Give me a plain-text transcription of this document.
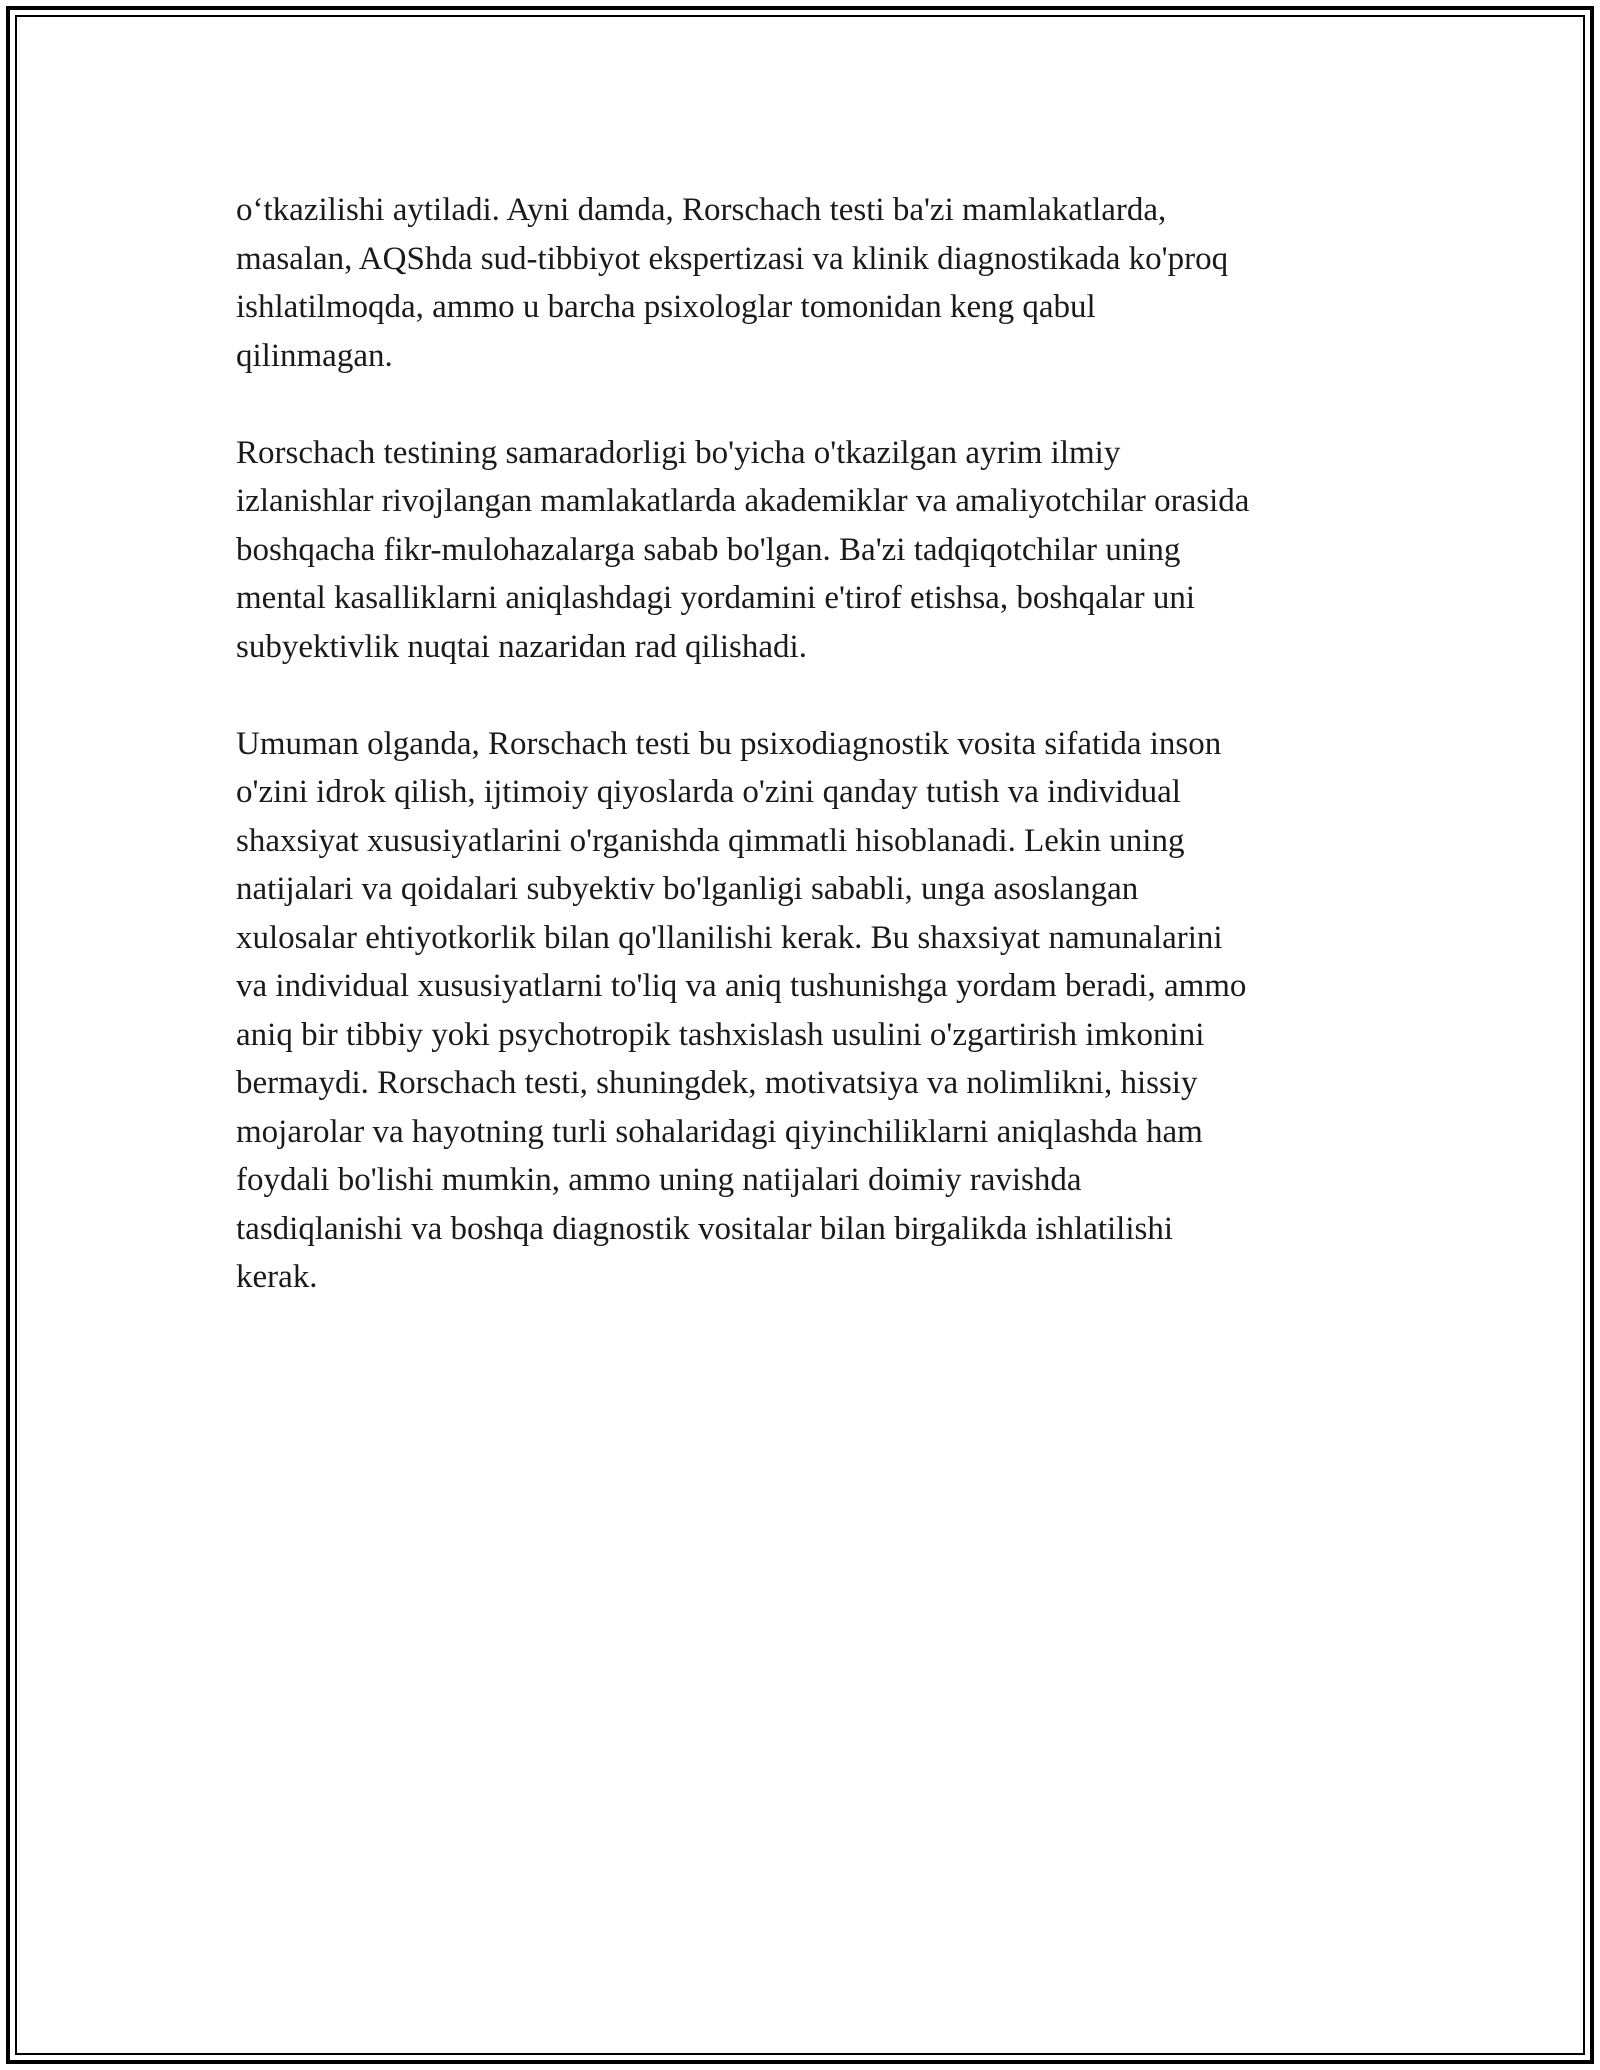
o‘tkazilishi aytiladi. Ayni damda, Rorschach testi ba'zi mamlakatlarda,
masalan, AQShda sud-tibbiyot ekspertizasi va klinik diagnostikada ko'proq
ishlatilmoqda, ammo u barcha psixologlar tomonidan keng qabul
qilinmagan.

Rorschach testining samaradorligi bo'yicha o'tkazilgan ayrim ilmiy
izlanishlar rivojlangan mamlakatlarda akademiklar va amaliyotchilar orasida
boshqacha fikr-mulohazalarga sabab bo'lgan. Ba'zi tadqiqotchilar uning
mental kasalliklarni aniqlashdagi yordamini e'tirof etishsa, boshqalar uni
subyektivlik nuqtai nazaridan rad qilishadi.

Umuman olganda, Rorschach testi bu psixodiagnostik vosita sifatida inson
o'zini idrok qilish, ijtimoiy qiyoslarda o'zini qanday tutish va individual
shaxsiyat xususiyatlarini o'rganishda qimmatli hisoblanadi. Lekin uning
natijalari va qoidalari subyektiv bo'lganligi sababli, unga asoslangan
xulosalar ehtiyotkorlik bilan qo'llanilishi kerak. Bu shaxsiyat namunalarini
va individual xususiyatlarni to'liq va aniq tushunishga yordam beradi, ammo
aniq bir tibbiy yoki psychotropik tashxislash usulini o'zgartirish imkonini
bermaydi. Rorschach testi, shuningdek, motivatsiya va nolimlikni, hissiy
mojarolar va hayotning turli sohalaridagi qiyinchiliklarni aniqlashda ham
foydali bo'lishi mumkin, ammo uning natijalari doimiy ravishda
tasdiqlanishi va boshqa diagnostik vositalar bilan birgalikda ishlatilishi
kerak.
